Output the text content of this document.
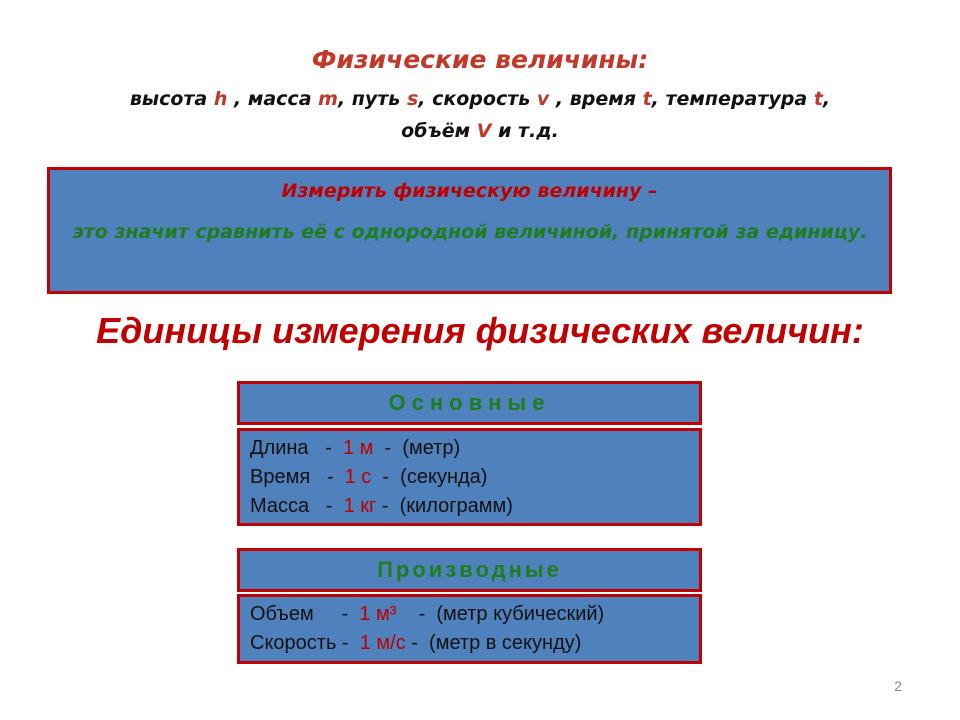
Физические величины:
высота h , масса m, путь s, скорость v , время t, температура t,
объём V и т.д.
Измерить физическую величину –
это значит сравнить её с однородной величиной, принятой за единицу.
Единицы измерения физических величин:
Основные
Длина   -  1 м  -  (метр)
Время   -  1 с  -  (секунда)
Масса   -  1 кг -  (килограмм)
Производные
Объем     -  1 м³    -  (метр кубический)
Скорость -  1 м/с -  (метр в секунду)
2
